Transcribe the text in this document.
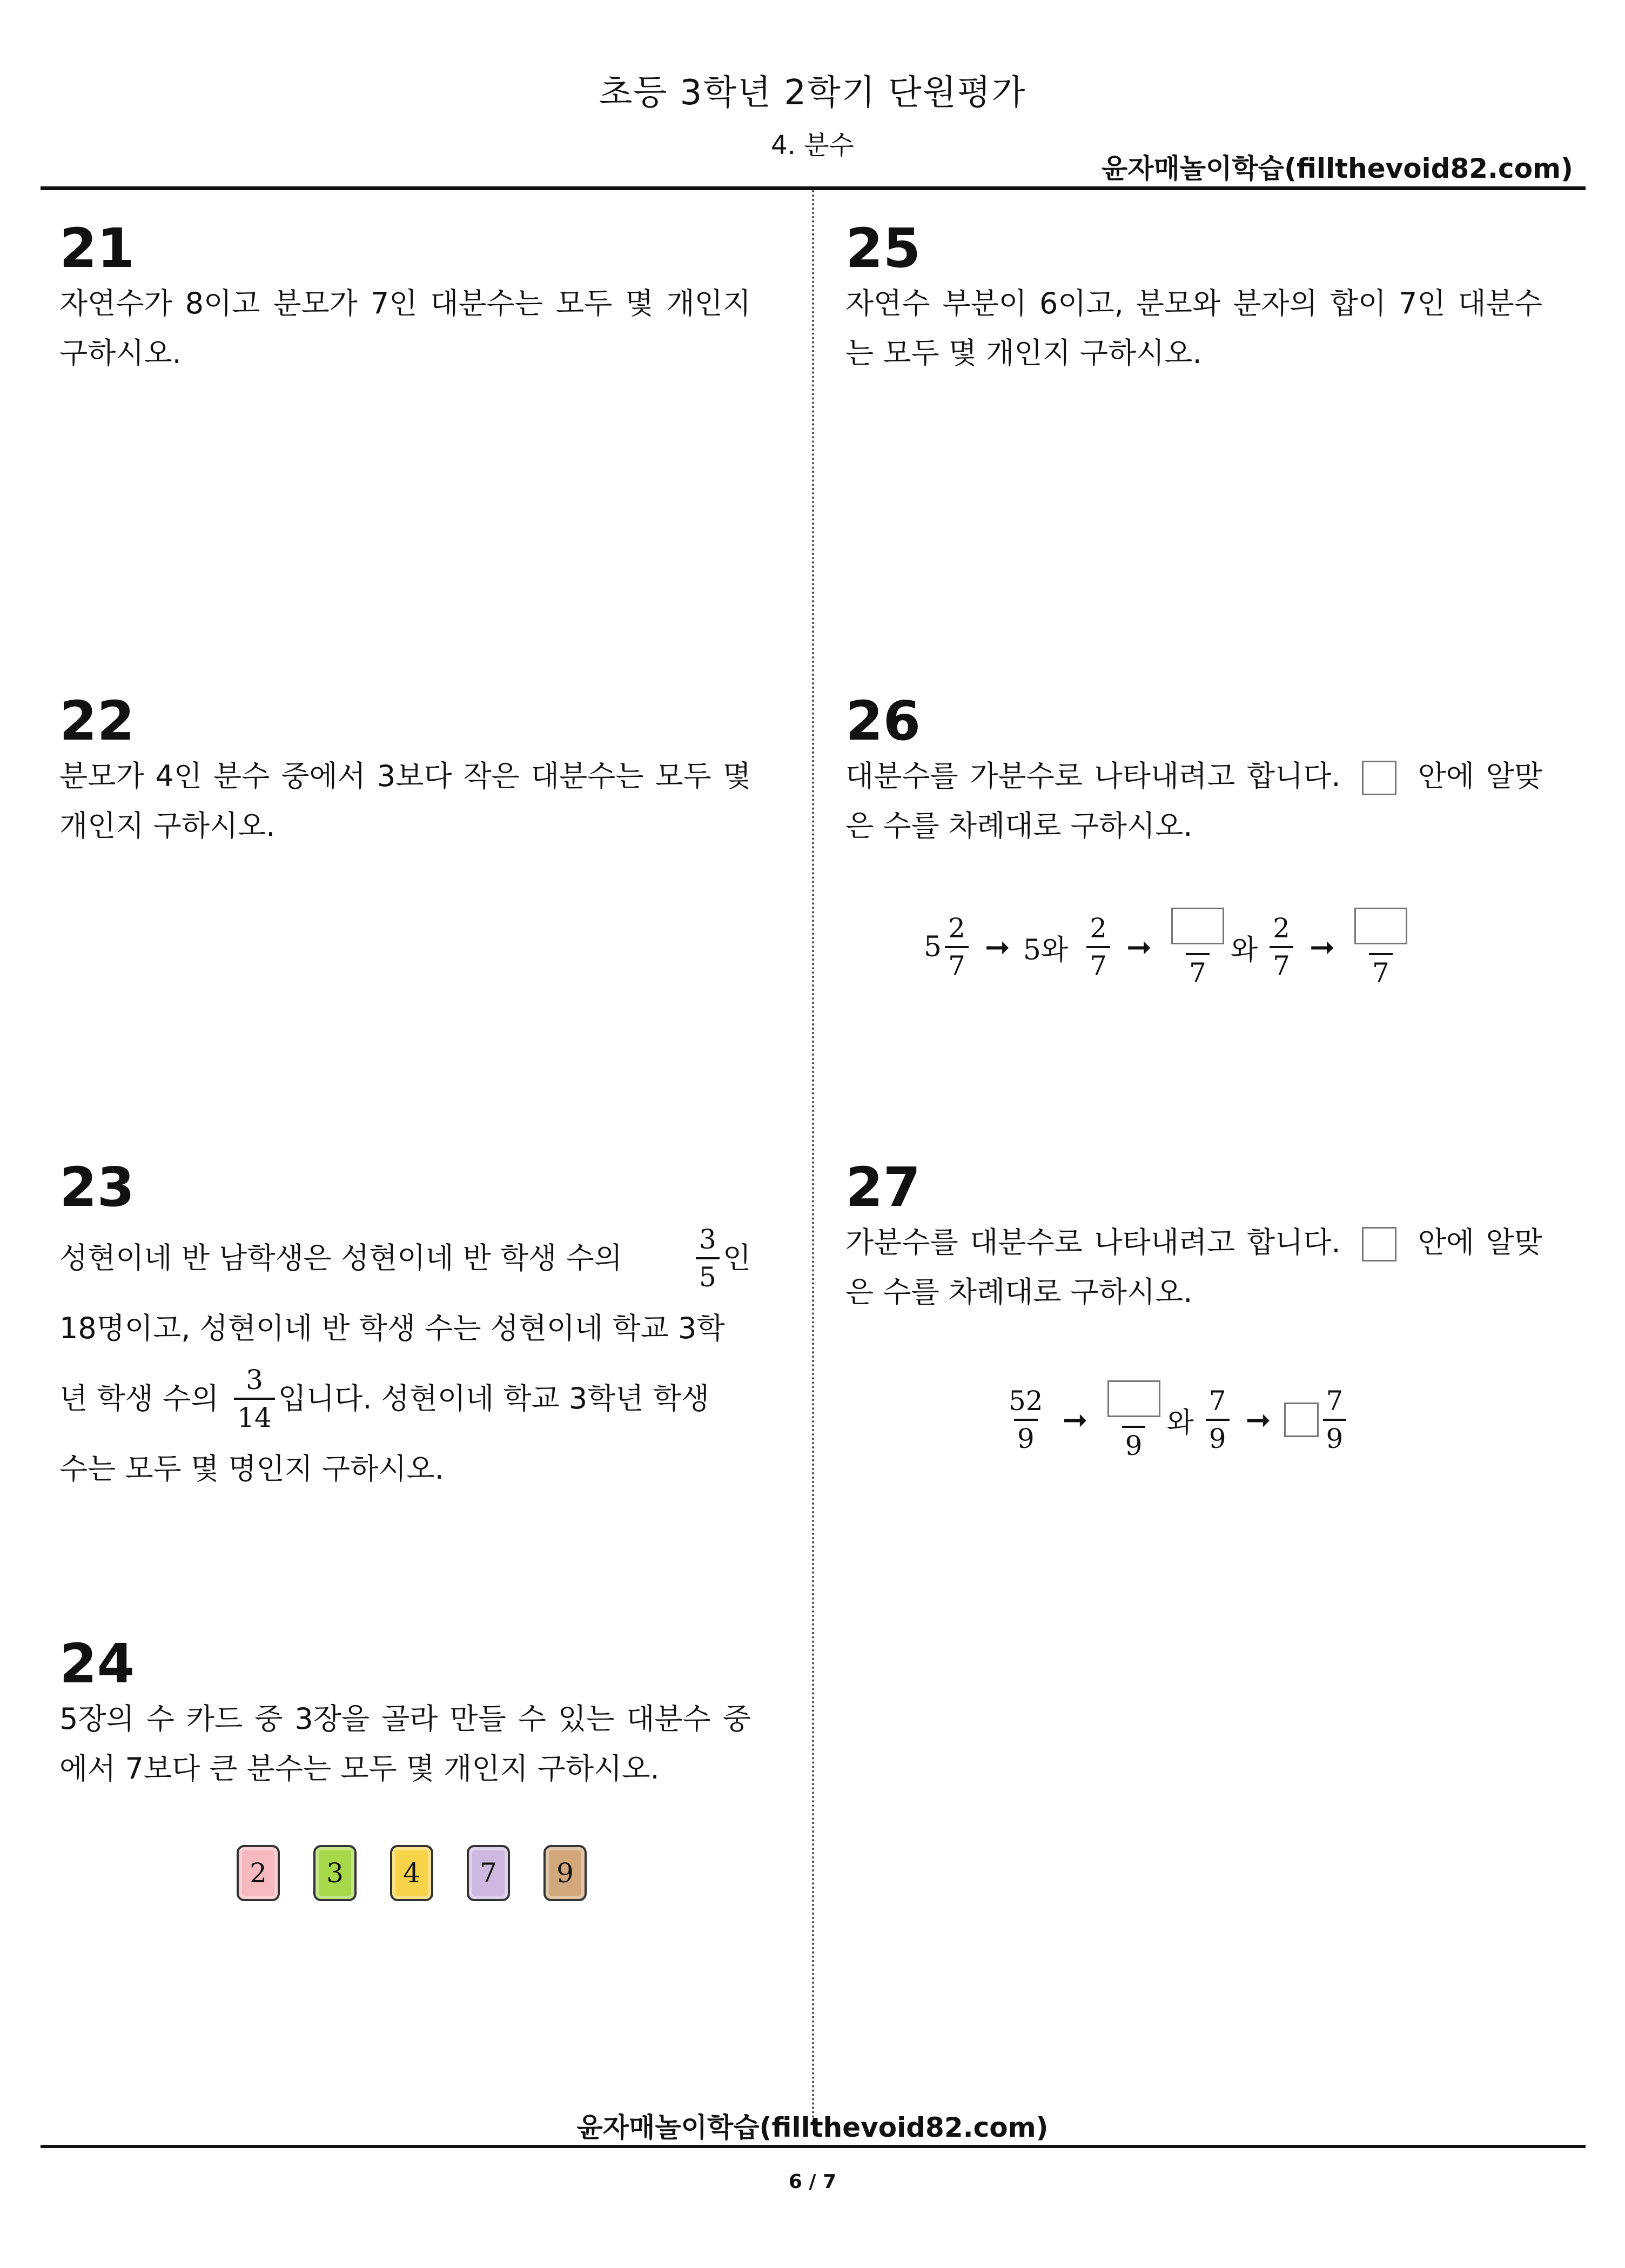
초등 3학년 2학기 단원평가
4. 분수
윤자매놀이학습(fillthevoid82.com)
21
자연수가 8이고 분모가 7인 대분수는 모두 몇 개인지 구하시오.
22
분모가 4인 분수 중에서 3보다 작은 대분수는 모두 몇 개인지 구하시오.
23
성현이네 반 남학생은 성현이네 반 학생 수의	$\frac{3}{5}$ 인
18명이고, 성현이네 반 학생 수는 성현이네 학교 3학
년 학생 수의 $\frac{3}{14}$ 입니다. 성현이네 학교 3학년 학생
수는 모두 몇 명인지 구하시오.
24
5장의 수 카드 중 3장을 골라 만들 수 있는 대분수 중에서 7보다 큰 분수는 모두 몇 개인지 구하시오.
2 3 4 7 9
25
자연수 부분이 6이고, 분모와 분자의 합이 7인 대분수는 모두 몇 개인지 구하시오.
26
대분수를 가분수로 나타내려고 합니다.	안에 알맞은 수를 차례대로 구하시오.
$5 \frac{2}{7}$ ➞ 5와 $\frac{2}{7}$ ➞
7
와 $\frac{2}{7}$ ➞
7
27
가분수를 대분수로 나타내려고 합니다.	안에 알맞은 수를 차례대로 구하시오.
$\frac{52}{9}$ ➞
9
와 $\frac{7}{9}$ ➞ $\frac{7}{9}$
윤자매놀이학습(fillthevoid82.com)
6 / 7
